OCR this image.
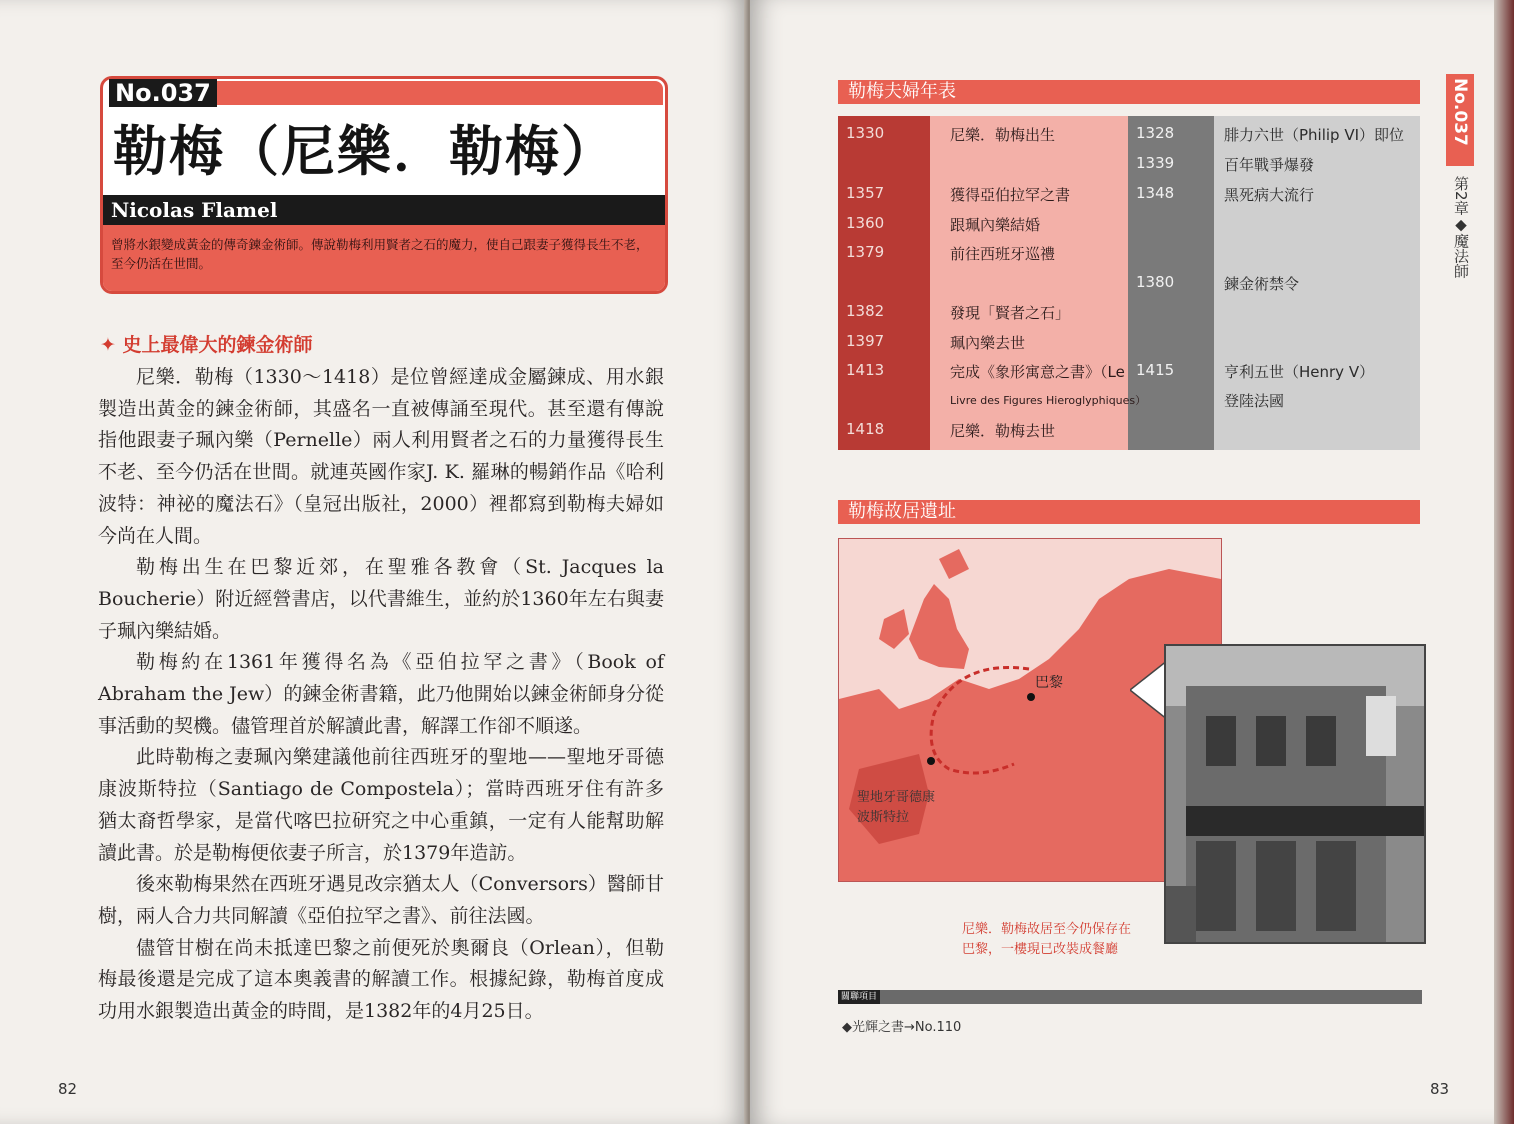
No.037
勒梅（尼樂．勒梅）
Nicolas Flamel
曾將水銀變成黃金的傳奇鍊金術師。傳說勒梅利用賢者之石的魔力，使自己跟妻子獲得長生不老，至今仍活在世間。
✦ 史上最偉大的鍊金術師

尼樂．勒梅（1330～1418）是位曾經達成金屬鍊成、用水銀製造出黃金的鍊金術師，其盛名一直被傳誦至現代。甚至還有傳說指他跟妻子珮內樂（Pernelle）兩人利用賢者之石的力量獲得長生不老、至今仍活在世間。就連英國作家J. K. 羅琳的暢銷作品《哈利波特：神祕的魔法石》（皇冠出版社，2000）裡都寫到勒梅夫婦如今尚在人間。

勒梅出生在巴黎近郊，在聖雅各教會（St. Jacques la Boucherie）附近經營書店，以代書維生，並約於1360年左右與妻子珮內樂結婚。

勒梅約在1361年獲得名為《亞伯拉罕之書》（Book of Abraham the Jew）的鍊金術書籍，此乃他開始以鍊金術師身分從事活動的契機。儘管理首於解讀此書，解譯工作卻不順遂。

此時勒梅之妻珮內樂建議他前往西班牙的聖地——聖地牙哥德康波斯特拉（Santiago de Compostela）；當時西班牙住有許多猶太裔哲學家，是當代喀巴拉研究之中心重鎮，一定有人能幫助解讀此書。於是勒梅便依妻子所言，於1379年造訪。

後來勒梅果然在西班牙遇見改宗猶太人（Conversors）醫師甘樹，兩人合力共同解讀《亞伯拉罕之書》、前往法國。

儘管甘樹在尚未抵達巴黎之前便死於奧爾良（Orlean），但勒梅最後還是完成了這本奧義書的解讀工作。根據紀錄，勒梅首度成功用水銀製造出黃金的時間，是1382年的4月25日。

82
勒梅夫婦年表
1330	尼樂．勒梅出生
1357	獲得亞伯拉罕之書
1360	跟珮內樂結婚
1379	前往西班牙巡禮
1382	發現「賢者之石」
1397	珮內樂去世
1413	完成《象形寓意之書》（Le
Livre des Figures Hieroglyphiques）
1418	尼樂．勒梅去世
1328	腓力六世（Philip VI）即位
1339	百年戰爭爆發
1348	黑死病大流行
1380	鍊金術禁令
1415	亨利五世（Henry V）
登陸法國
勒梅故居遺址
巴黎
聖地牙哥德康
波斯特拉
尼樂．勒梅故居至今仍保存在
巴黎，一樓現已改裝成餐廳
關聯項目
◆光輝之書→No.110
No.037
第2章◆魔法師
83
